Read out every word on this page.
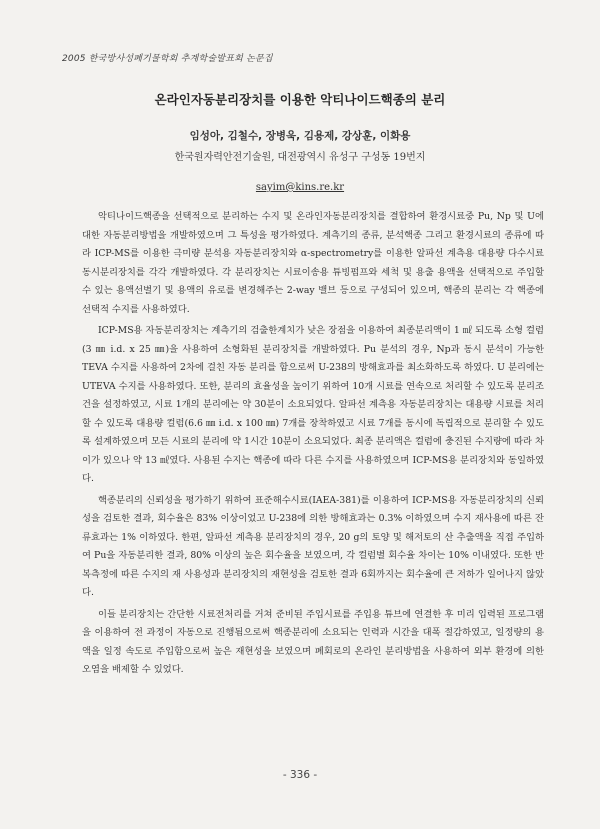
2005 한국방사성폐기물학회 추계학술발표회 논문집
온라인자동분리장치를 이용한 악티나이드핵종의 분리
임성아, 김철수, 장병욱, 김용제, 강상훈, 이화용
한국원자력안전기술원, 대전광역시 유성구 구성동 19번지
sayim@kins.re.kr

악티나이드핵종을 선택적으로 분리하는 수지 및 온라인자동분리장치를 결합하여 환경시료중 Pu, Np 및 U에 대한 자동분리방법을 개발하였으며 그 특성을 평가하였다. 계측기의 종류, 분석핵종 그리고 환경시료의 종류에 따라 ICP-MS를 이용한 극미량 분석용 자동분리장치와 α-spectrometry를 이용한 알파선 계측용 대용량 다수시료 동시분리장치를 각각 개발하였다. 각 분리장치는 시료이송용 튜빙펌프와 세척 및 용출 용액을 선택적으로 주입할 수 있는 용액선별기 및 용액의 유로를 변경해주는 2-way 밸브 등으로 구성되어 있으며, 핵종의 분리는 각 핵종에 선택적 수지를 사용하였다.

ICP-MS용 자동분리장치는 계측기의 검출한계치가 낮은 장점을 이용하여 최종분리액이 1 ㎖ 되도록 소형 컬럼(3 ㎜ i.d. x 25 ㎜)을 사용하여 소형화된 분리장치를 개발하였다. Pu 분석의 경우, Np과 동시 분석이 가능한 TEVA 수지를 사용하여 2차에 걸친 자동 분리를 함으로써 U-238의 방해효과를 최소화하도록 하였다. U 분리에는 UTEVA 수지를 사용하였다. 또한, 분리의 효율성을 높이기 위하여 10개 시료를 연속으로 처리할 수 있도록 분리조건을 설정하였고, 시료 1개의 분리에는 약 30분이 소요되었다. 알파선 계측용 자동분리장치는 대용량 시료를 처리할 수 있도록 대용량 컬럼(6.6 ㎜ i.d. x 100 ㎜) 7개를 장착하였고 시료 7개를 동시에 독립적으로 분리할 수 있도록 설계하였으며 모든 시료의 분리에 약 1시간 10분이 소요되었다. 최종 분리액은 컬럼에 충진된 수지량에 따라 차이가 있으나 약 13 ㎖였다. 사용된 수지는 핵종에 따라 다른 수지를 사용하였으며 ICP-MS용 분리장치와 동일하였다.

핵종분리의 신뢰성을 평가하기 위하여 표준해수시료(IAEA-381)를 이용하여 ICP-MS용 자동분리장치의 신뢰성을 검토한 결과, 회수율은 83% 이상이었고 U-238에 의한 방해효과는 0.3% 이하였으며 수지 재사용에 따른 잔류효과는 1% 이하였다. 한편, 알파선 계측용 분리장치의 경우, 20 g의 토양 및 해저토의 산 추출액을 직접 주입하여 Pu을 자동분리한 결과, 80% 이상의 높은 회수율을 보였으며, 각 컬럼별 회수율 차이는 10% 이내였다. 또한 반복측정에 따른 수지의 재 사용성과 분리장치의 재현성을 검토한 결과 6회까지는 회수율에 큰 저하가 일어나지 않았다.

이들 분리장치는 간단한 시료전처리를 거쳐 준비된 주입시료를 주입용 튜브에 연결한 후 미리 입력된 프로그램을 이용하여 전 과정이 자동으로 진행됨으로써 핵종분리에 소요되는 인력과 시간을 대폭 절감하였고, 일정량의 용액을 일정 속도로 주입함으로써 높은 재현성을 보였으며 폐회로의 온라인 분리방법을 사용하여 외부 환경에 의한 오염을 배제할 수 있었다.

- 336 -
